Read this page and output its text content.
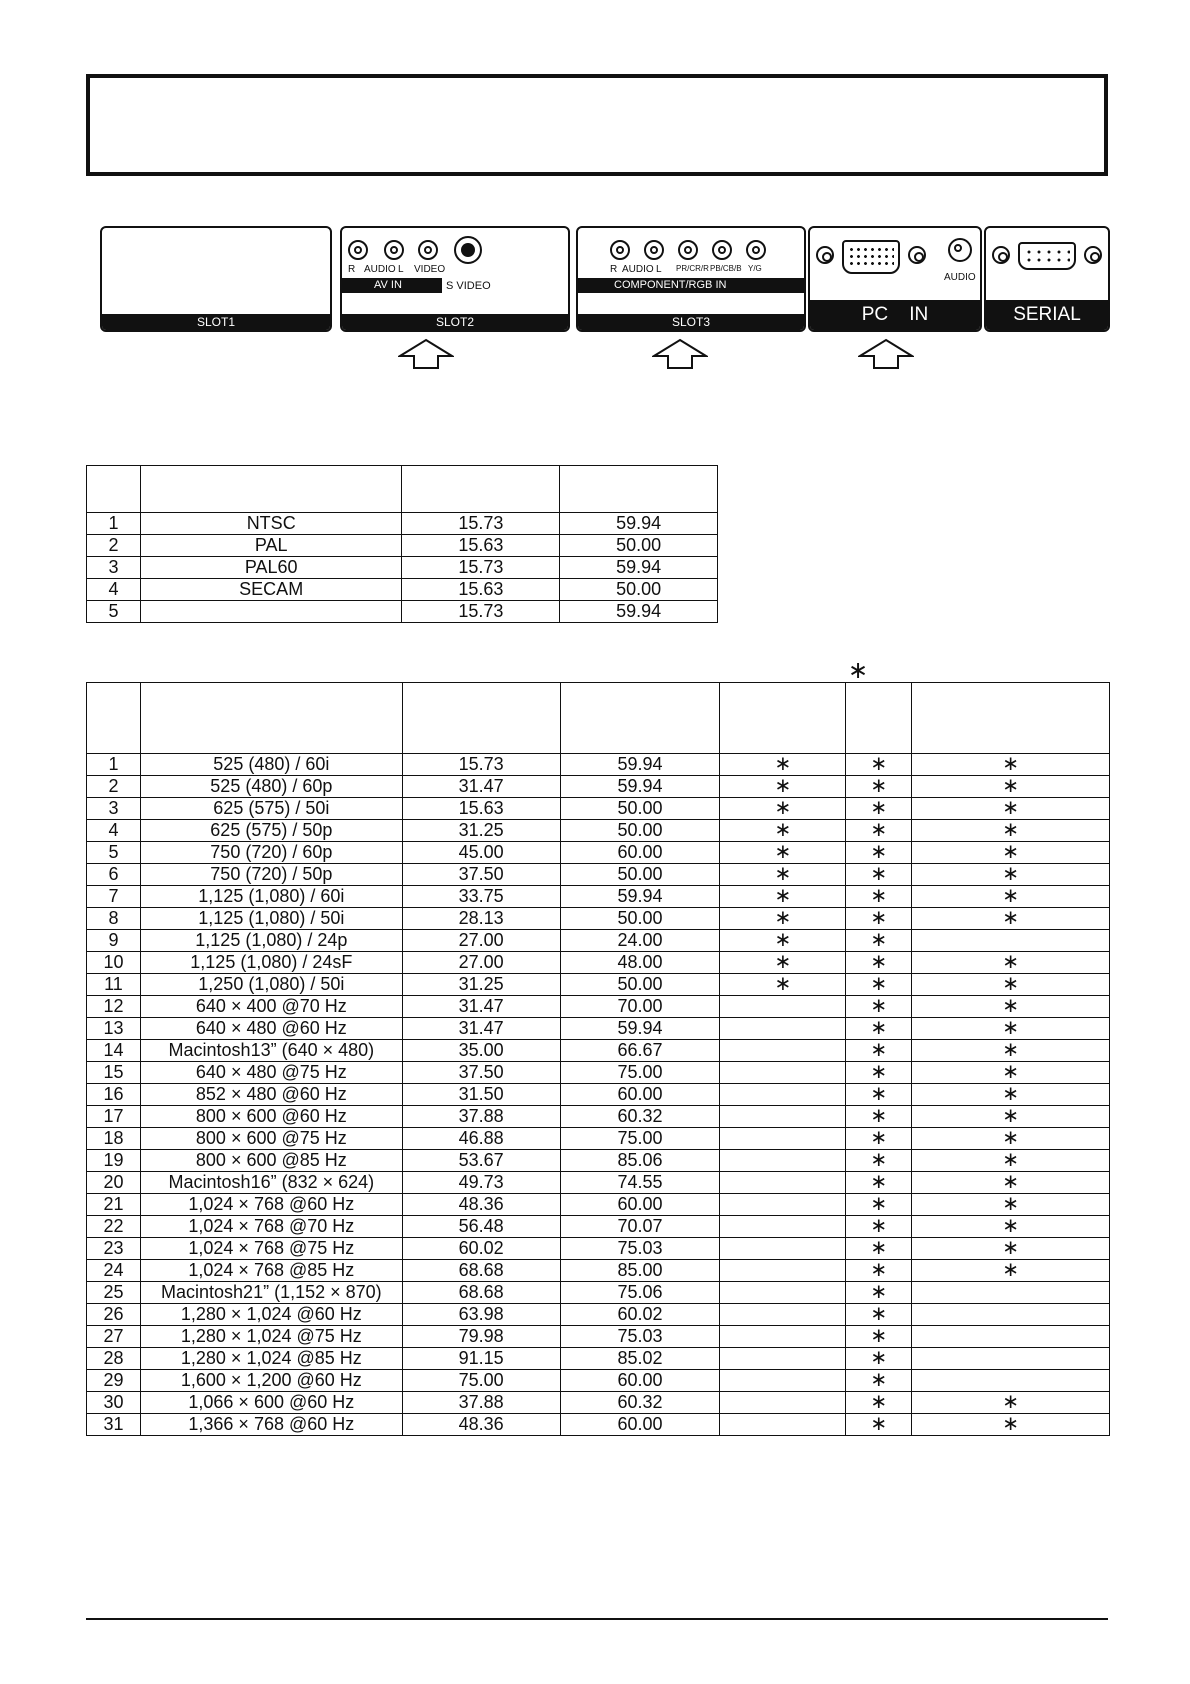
SLOT1
R AUDIO L VIDEO
AV IN	S VIDEO
SLOT2
R AUDIO L PR/CR/R PB/CB/B Y/G
COMPONENT/RGB IN
SLOT3
AUDIO
PC    IN	SERIAL

1	NTSC	15.73	59.94
2	PAL	15.63	50.00
3	PAL60	15.73	59.94
4	SECAM	15.63	50.00
5		15.73	59.94
∗

1	525 (480) / 60i	15.73	59.94	∗	∗	∗
2	525 (480) / 60p	31.47	59.94	∗	∗	∗
3	625 (575) / 50i	15.63	50.00	∗	∗	∗
4	625 (575) / 50p	31.25	50.00	∗	∗	∗
5	750 (720) / 60p	45.00	60.00	∗	∗	∗
6	750 (720) / 50p	37.50	50.00	∗	∗	∗
7	1,125 (1,080) / 60i	33.75	59.94	∗	∗	∗
8	1,125 (1,080) / 50i	28.13	50.00	∗	∗	∗
9	1,125 (1,080) / 24p	27.00	24.00	∗	∗	
10	1,125 (1,080) / 24sF	27.00	48.00	∗	∗	∗
11	1,250 (1,080) / 50i	31.25	50.00	∗	∗	∗
12	640 × 400 @70 Hz	31.47	70.00		∗	∗
13	640 × 480 @60 Hz	31.47	59.94		∗	∗
14	Macintosh13” (640 × 480)	35.00	66.67		∗	∗
15	640 × 480 @75 Hz	37.50	75.00		∗	∗
16	852 × 480 @60 Hz	31.50	60.00		∗	∗
17	800 × 600 @60 Hz	37.88	60.32		∗	∗
18	800 × 600 @75 Hz	46.88	75.00		∗	∗
19	800 × 600 @85 Hz	53.67	85.06		∗	∗
20	Macintosh16” (832 × 624)	49.73	74.55		∗	∗
21	1,024 × 768 @60 Hz	48.36	60.00		∗	∗
22	1,024 × 768 @70 Hz	56.48	70.07		∗	∗
23	1,024 × 768 @75 Hz	60.02	75.03		∗	∗
24	1,024 × 768 @85 Hz	68.68	85.00		∗	∗
25	Macintosh21” (1,152 × 870)	68.68	75.06		∗	
26	1,280 × 1,024 @60 Hz	63.98	60.02		∗	
27	1,280 × 1,024 @75 Hz	79.98	75.03		∗	
28	1,280 × 1,024 @85 Hz	91.15	85.02		∗	
29	1,600 × 1,200 @60 Hz	75.00	60.00		∗	
30	1,066 × 600 @60 Hz	37.88	60.32		∗	∗
31	1,366 × 768 @60 Hz	48.36	60.00		∗	∗
